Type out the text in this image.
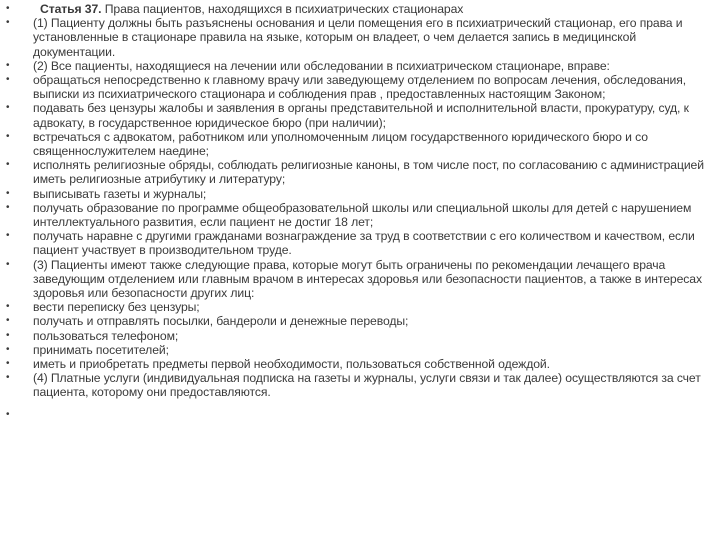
• Статья 37. Права пациентов, находящихся в психиатрических стационарах
• (1) Пациенту должны быть разъяснены основания и цели помещения его в психиатрический стационар, его права и установленные в стационаре правила на языке, которым он владеет, о чем делается запись в медицинской документации.
• (2) Все пациенты, находящиеся на лечении или обследовании в психиатрическом стационаре, вправе:
• обращаться непосредственно к главному врачу или заведующему отделением по вопросам лечения, обследования, выписки из психиатрического стационара и соблюдения прав , предоставленных настоящим Законом;
• подавать без цензуры жалобы и заявления в органы представительной и исполнительной власти, прокуратуру, суд, к адвокату, в государственное юридическое бюро (при наличии);
• встречаться с адвокатом, работником или уполномоченным лицом государственного юридического бюро и со священнослужителем наедине;
• исполнять религиозные обряды, соблюдать религиозные каноны, в том числе пост, по согласованию с администрацией иметь религиозные атрибутику и литературу;
• выписывать газеты и журналы;
• получать образование по программе общеобразовательной школы или специальной школы для детей с нарушением интеллектуального развития, если пациент не достиг 18 лет;
• получать наравне с другими гражданами вознаграждение за труд в соответствии с его количеством и качеством, если пациент участвует в производительном труде.
• (3) Пациенты имеют также следующие права, которые могут быть ограничены по рекомендации лечащего врача заведующим отделением или главным врачом в интересах здоровья или безопасности пациентов, а также в интересах здоровья или безопасности других лиц:
• вести переписку без цензуры;
• получать и отправлять посылки, бандероли и денежные переводы;
• пользоваться телефоном;
• принимать посетителей;
• иметь и приобретать предметы первой необходимости, пользоваться собственной одеждой.
• (4) Платные услуги (индивидуальная подписка на газеты и журналы, услуги связи и так далее) осуществляются за счет пациента, которому они предоставляются.
•
